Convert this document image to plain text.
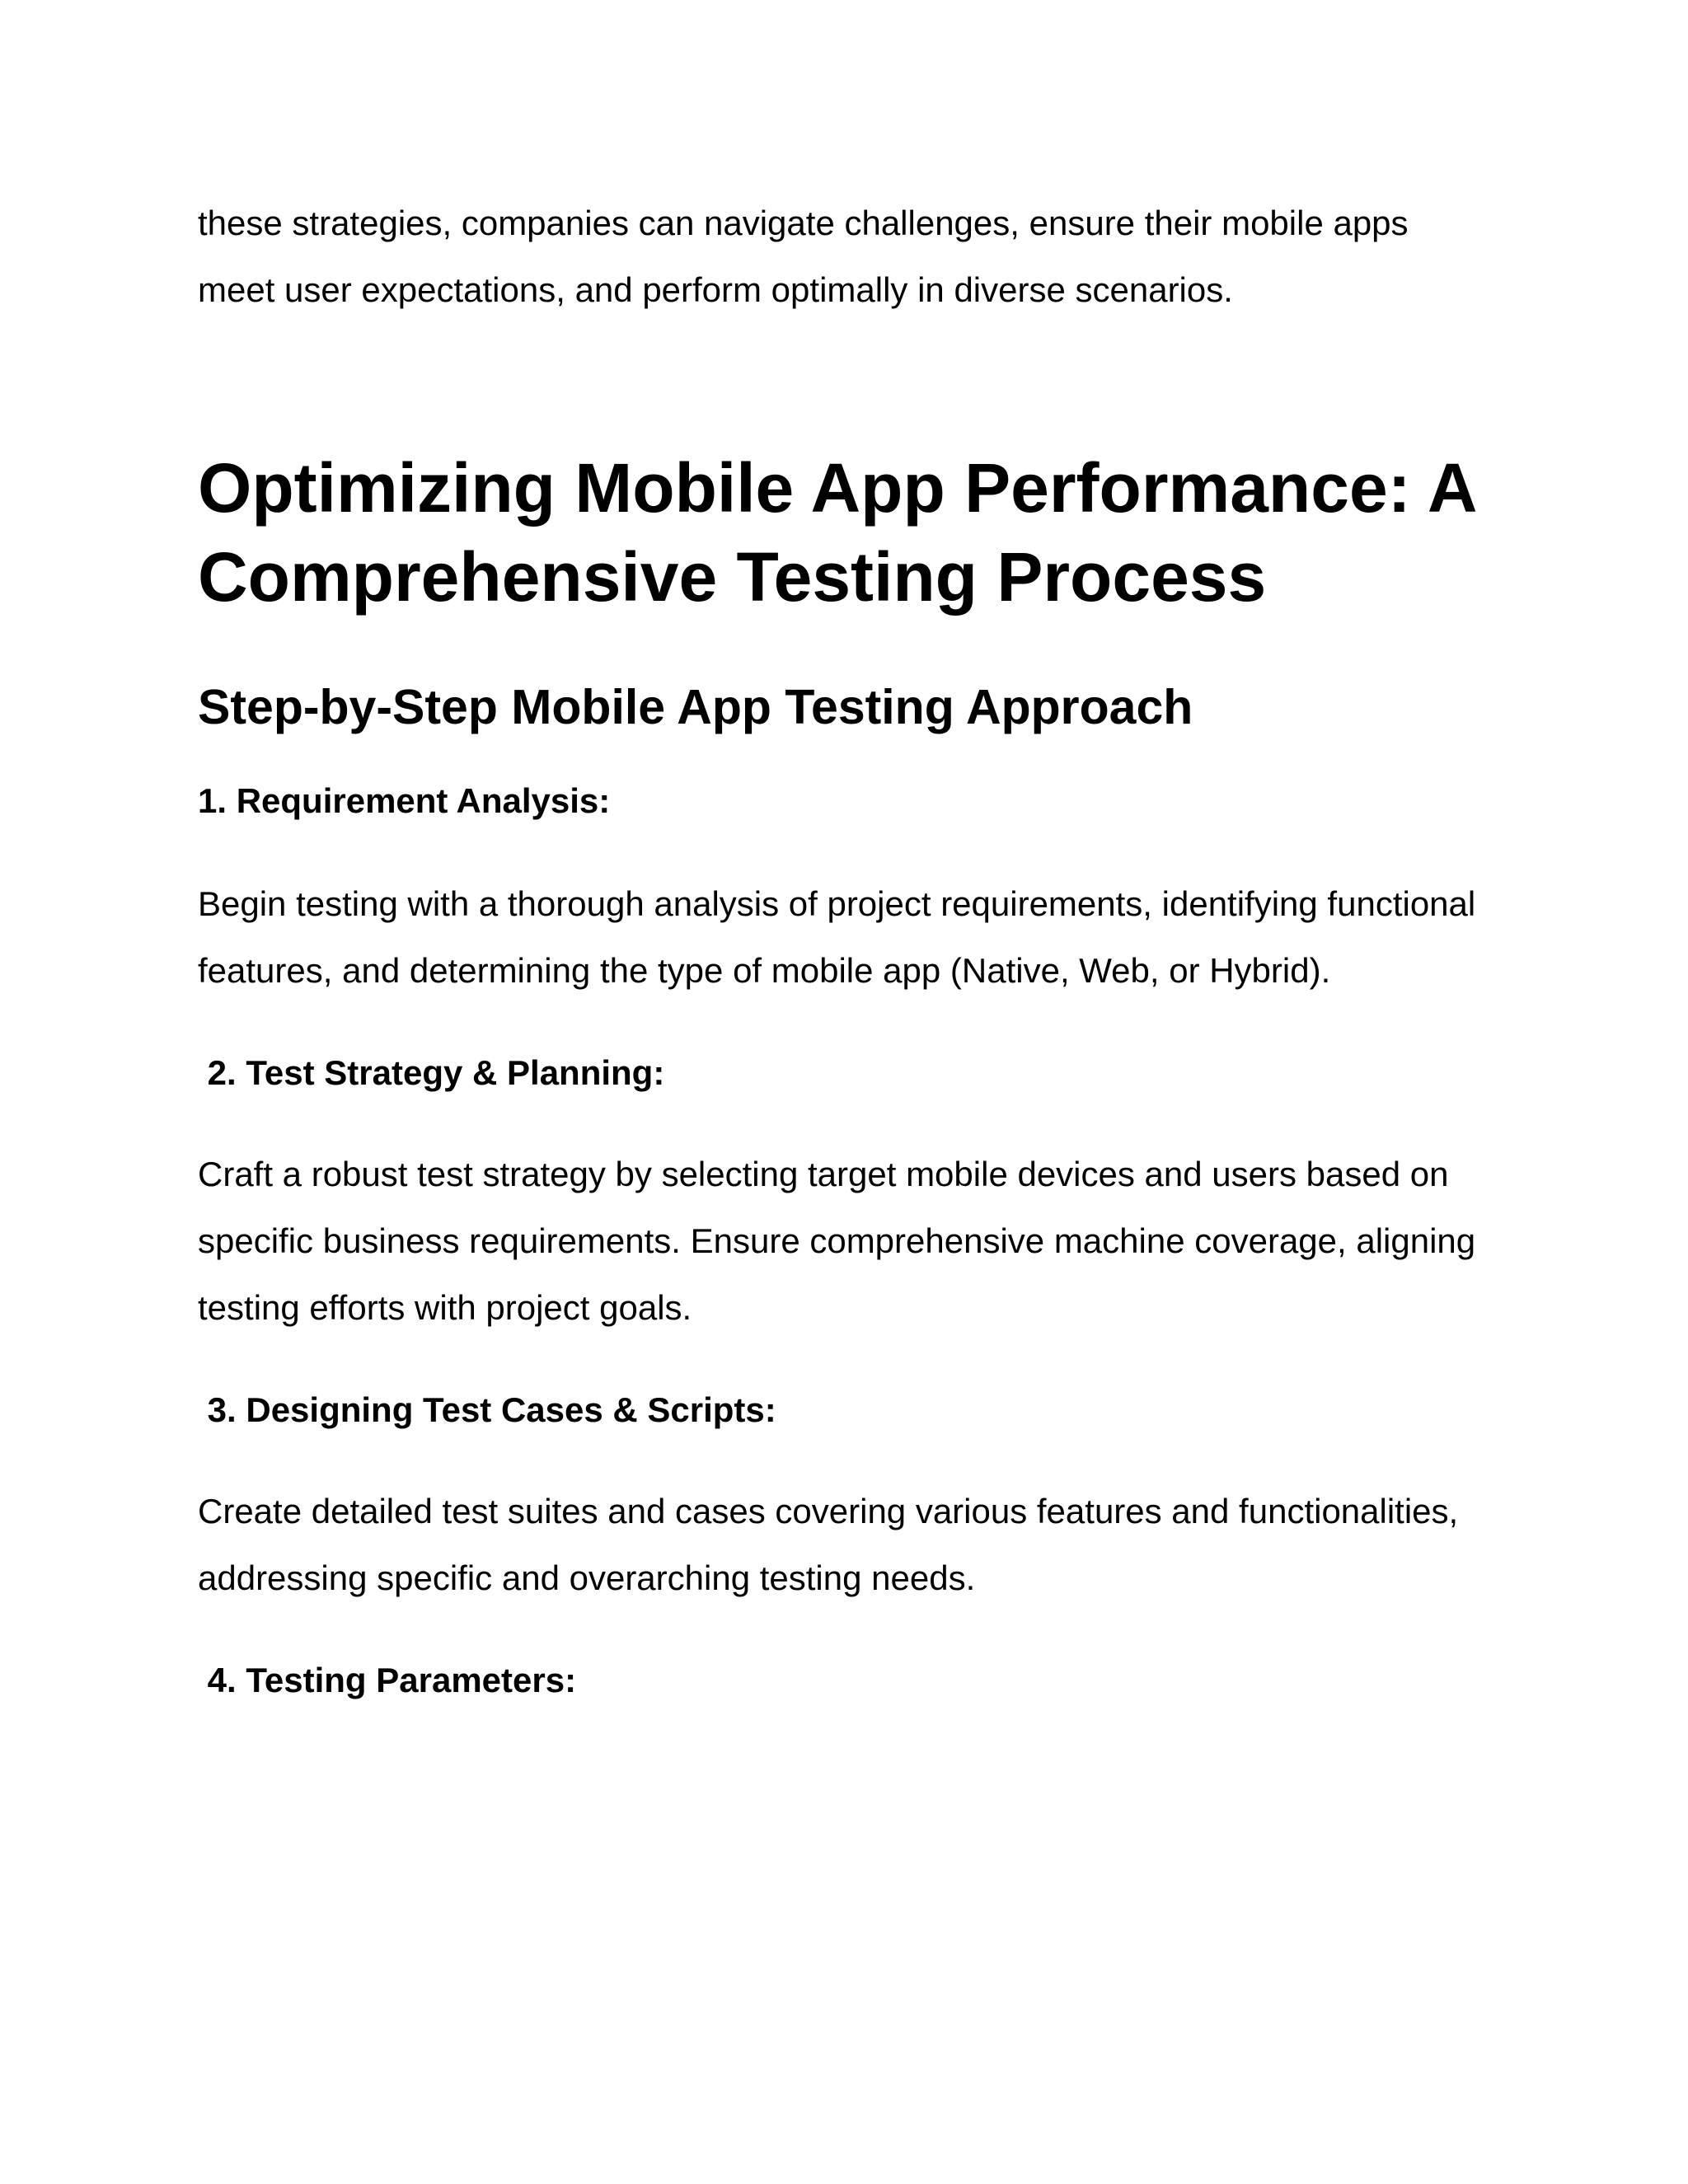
these strategies, companies can navigate challenges, ensure their mobile apps meet user expectations, and perform optimally in diverse scenarios.

Optimizing Mobile App Performance: A Comprehensive Testing Process
Step-by-Step Mobile App Testing Approach
1. Requirement Analysis:

Begin testing with a thorough analysis of project requirements, identifying functional features, and determining the type of mobile app (Native, Web, or Hybrid).

2. Test Strategy & Planning:

Craft a robust test strategy by selecting target mobile devices and users based on specific business requirements. Ensure comprehensive machine coverage, aligning testing efforts with project goals.

3. Designing Test Cases & Scripts:

Create detailed test suites and cases covering various features and functionalities, addressing specific and overarching testing needs.

4. Testing Parameters:
